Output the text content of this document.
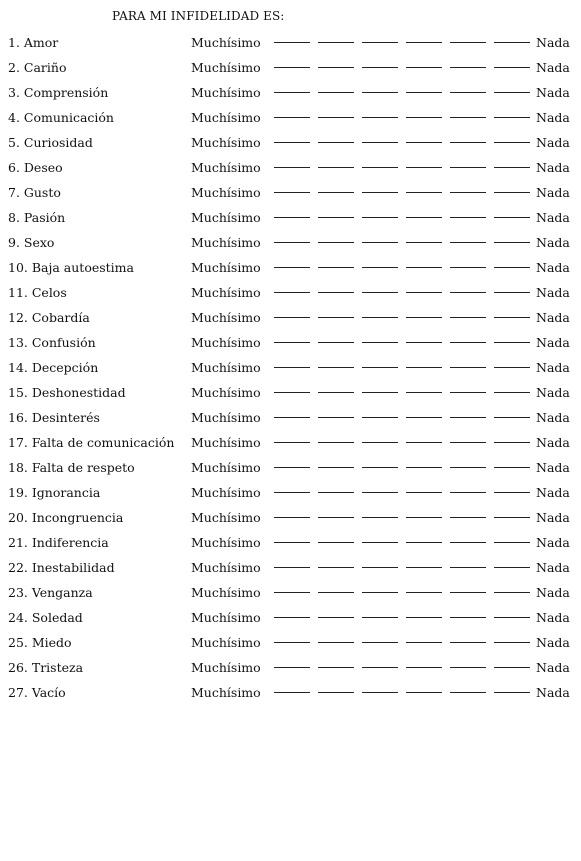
PARA MI INFIDELIDAD ES:
1. Amor	Muchísimo	Nada
2. Cariño	Muchísimo	Nada
3. Comprensión	Muchísimo	Nada
4. Comunicación	Muchísimo	Nada
5. Curiosidad	Muchísimo	Nada
6. Deseo	Muchísimo	Nada
7. Gusto	Muchísimo	Nada
8. Pasión	Muchísimo	Nada
9. Sexo	Muchísimo	Nada
10. Baja autoestima	Muchísimo	Nada
11. Celos	Muchísimo	Nada
12. Cobardía	Muchísimo	Nada
13. Confusión	Muchísimo	Nada
14. Decepción	Muchísimo	Nada
15. Deshonestidad	Muchísimo	Nada
16. Desinterés	Muchísimo	Nada
17. Falta de comunicación Muchísimo	Nada
18. Falta de respeto	Muchísimo	Nada
19. Ignorancia	Muchísimo	Nada
20. Incongruencia	Muchísimo	Nada
21. Indiferencia	Muchísimo	Nada
22. Inestabilidad	Muchísimo	Nada
23. Venganza	Muchísimo	Nada
24. Soledad	Muchísimo	Nada
25. Miedo	Muchísimo	Nada
26. Tristeza	Muchísimo	Nada
27. Vacío	Muchísimo	Nada
